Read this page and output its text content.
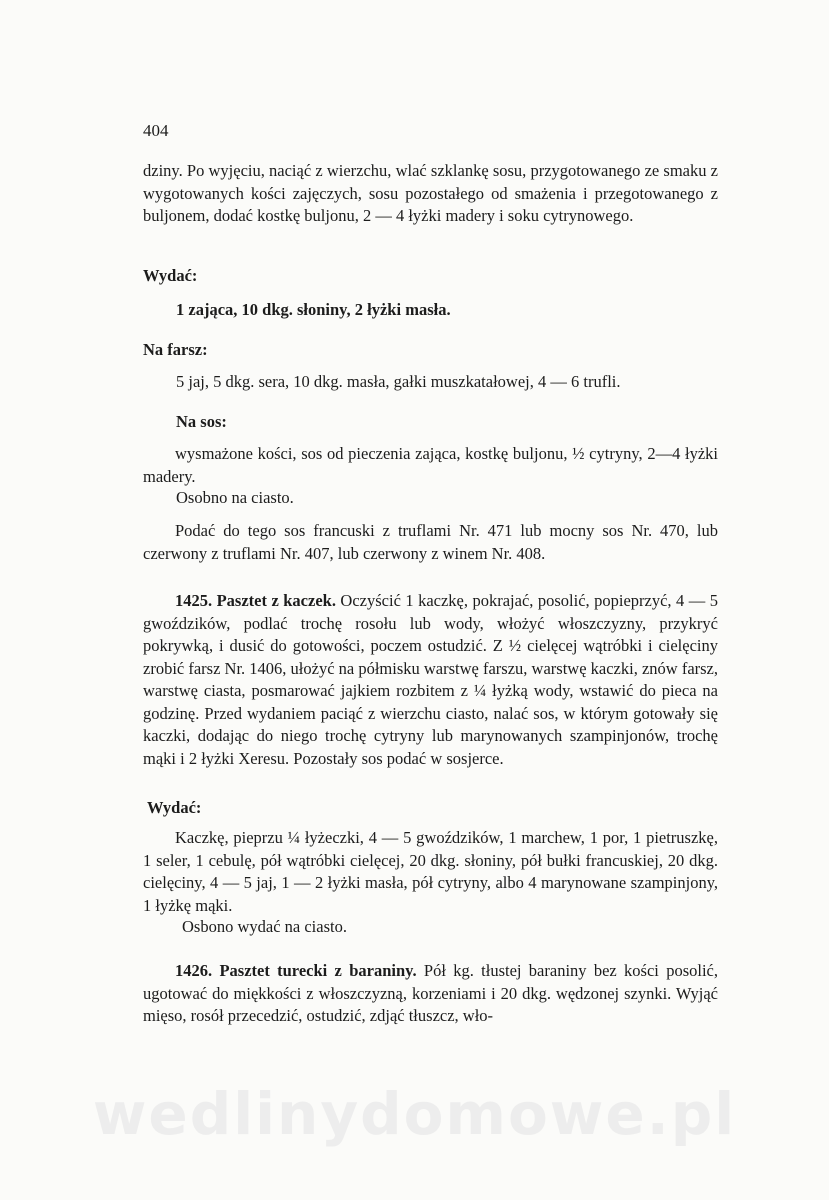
404
dziny. Po wyjęciu, naciąć z wierzchu, wlać szklankę sosu, przygotowanego ze smaku z wygotowanych kości zajęczych, sosu pozostałego od smażenia i przegotowanego z buljonem, dodać kostkę buljonu, 2 — 4 łyżki madery i soku cytrynowego.
Wydać:
1 zająca, 10 dkg. słoniny, 2 łyżki masła.
Na farsz:
5 jaj, 5 dkg. sera, 10 dkg. masła, gałki muszkatałowej, 4 — 6 trufli.
Na sos:
wysmażone kości, sos od pieczenia zająca, kostkę buljonu, ½ cytryny, 2—4 łyżki madery.
Osobno na ciasto.
Podać do tego sos francuski z truflami Nr. 471 lub mocny sos Nr. 470, lub czerwony z truflami Nr. 407, lub czerwony z winem Nr. 408.
1425. Pasztet z kaczek. Oczyścić 1 kaczkę, pokrajać, posolić, popieprzyć, 4 — 5 gwoździków, podlać trochę rosołu lub wody, włożyć włoszczyzny, przykryć pokrywką, i dusić do gotowości, poczem ostudzić. Z ½ cielęcej wątróbki i cielęciny zrobić farsz Nr. 1406, ułożyć na półmisku warstwę farszu, warstwę kaczki, znów farsz, warstwę ciasta, posmarować jajkiem rozbitem z ¼ łyżką wody, wstawić do pieca na godzinę. Przed wydaniem paciąć z wierzchu ciasto, nalać sos, w którym gotowały się kaczki, dodając do niego trochę cytryny lub marynowanych szampinjonów, trochę mąki i 2 łyżki Xeresu. Pozostały sos podać w sosjerce.
Wydać:
Kaczkę, pieprzu ¼ łyżeczki, 4 — 5 gwoździków, 1 marchew, 1 por, 1 pietruszkę, 1 seler, 1 cebulę, pół wątróbki cielęcej, 20 dkg. słoniny, pół bułki francuskiej, 20 dkg. cielęciny, 4 — 5 jaj, 1 — 2 łyżki masła, pół cytryny, albo 4 marynowane szampinjony, 1 łyżkę mąki.
Osbono wydać na ciasto.
1426. Pasztet turecki z baraniny. Pół kg. tłustej baraniny bez kości posolić, ugotować do miękkości z włoszczyzną, korzeniami i 20 dkg. wędzonej szynki. Wyjąć mięso, rosół przecedzić, ostudzić, zdjąć tłuszcz, wło-
wedlinydomowe.pl
